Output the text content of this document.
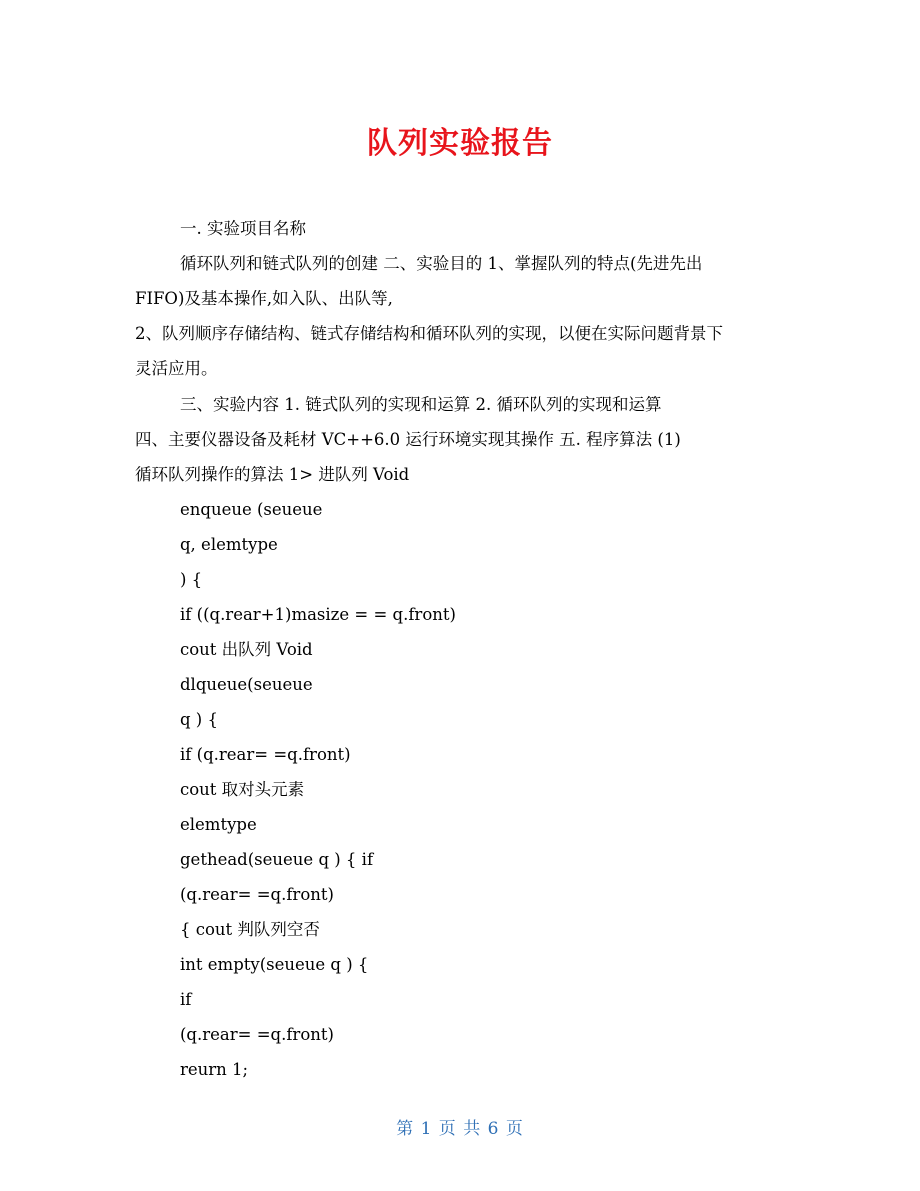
队列实验报告
一. 实验项目名称
循环队列和链式队列的创建 二、实验目的 1、掌握队列的特点(先进先出
FIFO)及基本操作,如入队、出队等,
2、队列顺序存储结构、链式存储结构和循环队列的实现，以便在实际问题背景下
灵活应用。
三、实验内容 1. 链式队列的实现和运算 2. 循环队列的实现和运算
四、主要仪器设备及耗材 VC++6.0 运行环境实现其操作 五. 程序算法 (1)
循环队列操作的算法 1> 进队列 Void
enqueue (seueue
q, elemtype
) {
if ((q.rear+1)masize = = q.front)
cout 出队列 Void
dlqueue(seueue
q ) {
if (q.rear= =q.front)
cout 取对头元素
elemtype
gethead(seueue q ) { if
(q.rear= =q.front)
{ cout 判队列空否
int empty(seueue q ) {
if
(q.rear= =q.front)
reurn 1;
第 1 页 共 6 页
